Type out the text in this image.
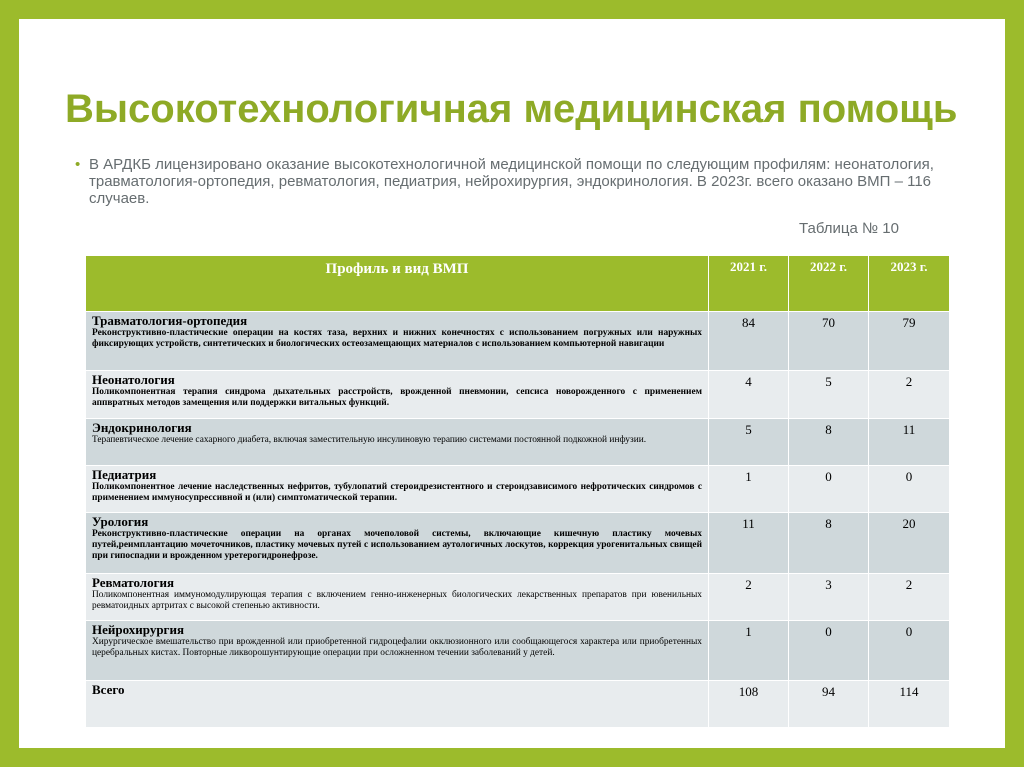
Высокотехнологичная медицинская помощь
• В АРДКБ лицензировано оказание высокотехнологичной медицинской помощи по следующим профилям: неонатология, травматология-ортопедия, ревматология, педиатрия, нейрохирургия, эндокринология. В 2023г. всего оказано ВМП – 116 случаев.
Таблица № 10
Профиль и вид ВМП	2021 г.	2022 г.	2023 г.

Травматология-ортопедия
Реконструктивно-пластические операции на костях таза, верхних и нижних конечностях с использованием погружных или наружных фиксирующих устройств, синтетических и биологических остеозамещающих материалов с использованием компьютерной навигации	84	70	79

Неонатология
Поликомпонентная терапия синдрома дыхательных расстройств, врожденной пневмонии, сепсиса новорожденного с применением аппвратных методов замещения или поддержки витальных функций.	4	5	2

Эндокринология
Терапевтическое лечение сахарного диабета, включая заместительную инсулиновую терапию системами постоянной подкожной инфузии.	5	8	11

Педиатрия
Поликомпонентное лечение наследственных нефритов, тубулопатий стероидрезистентного и стероидзависимого нефротических синдромов с применением иммуносупрессивной и (или) симптоматической терапии.	1	0	0

Урология
Реконструктивно-пластические операции на органах мочеполовой системы, включающие кишечную пластику мочевых путей,реимплантацию мочеточников, пластику мочевых путей с использованием аутологичных лоскутов, коррекция урогенитальных свищей при гипоспадии и врожденном уретерогидронефрозе.	11	8	20

Ревматология
Поликомпонентная иммуномодулирующая терапия с включением генно-инженерных биологических лекарственных препаратов при ювенильных ревматоидных артритах с высокой степенью активности.	2	3	2

Нейрохирургия
Хирургическое вмешательство при врожденной или приобретенной гидроцефалии окклюзионного или сообщающегося характера или приобретенных церебральных кистах. Повторные ликворошунтирующие операции при осложненном течении заболеваний у детей.	1	0	0

Всего	108	94	114
